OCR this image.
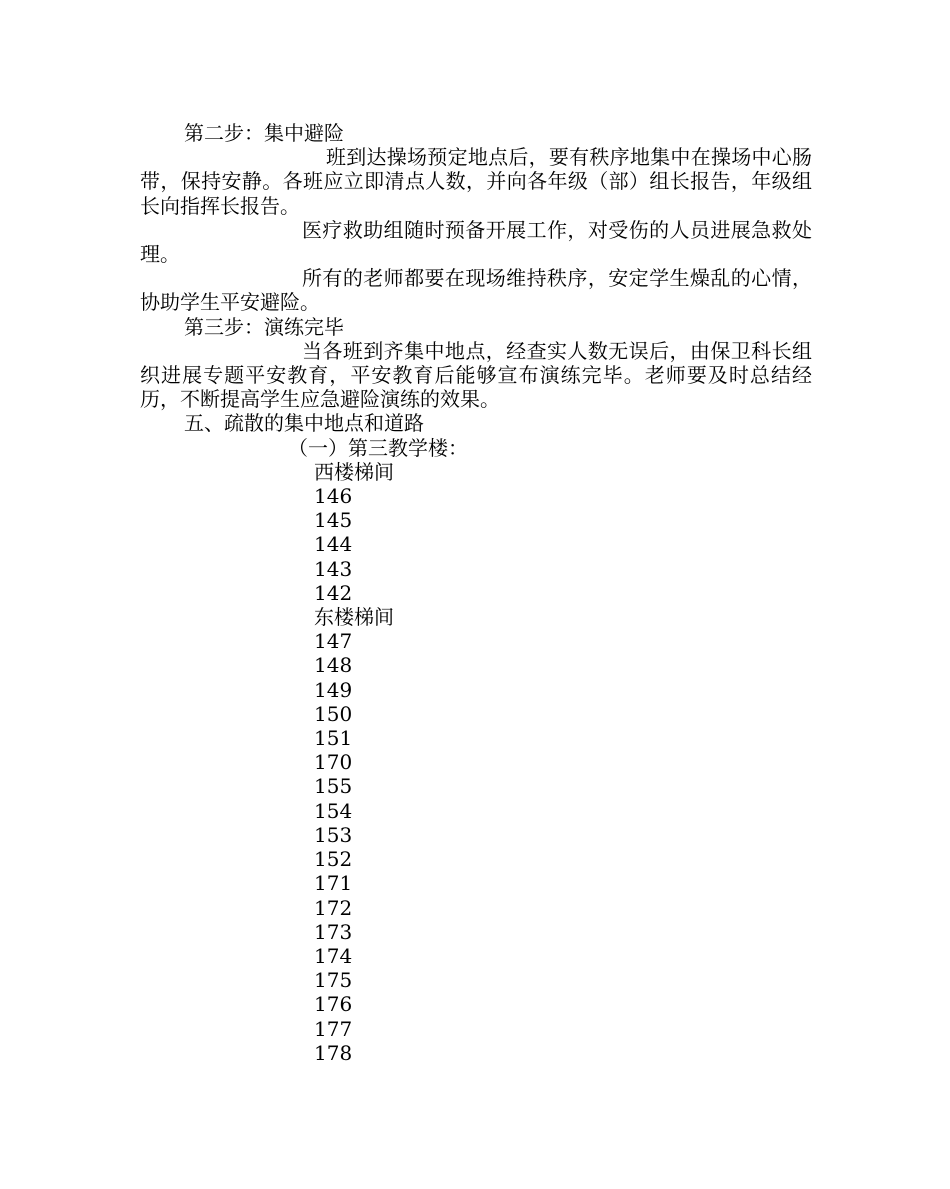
第二步：集中避险
班到达操场预定地点后，要有秩序地集中在操场中心肠带，保持安静。各班应立即清点人数，并向各年级（部）组长报告，年级组长向指挥长报告。
医疗救助组随时预备开展工作，对受伤的人员进展急救处理。
所有的老师都要在现场维持秩序，安定学生燥乱的心情，协助学生平安避险。
第三步：演练完毕
当各班到齐集中地点，经查实人数无误后，由保卫科长组织进展专题平安教育，平安教育后能够宣布演练完毕。老师要及时总结经历，不断提高学生应急避险演练的效果。
五、疏散的集中地点和道路
（一）第三教学楼：
西楼梯间
146
145
144
143
142
东楼梯间
147
148
149
150
151
170
155
154
153
152
171
172
173
174
175
176
177
178
